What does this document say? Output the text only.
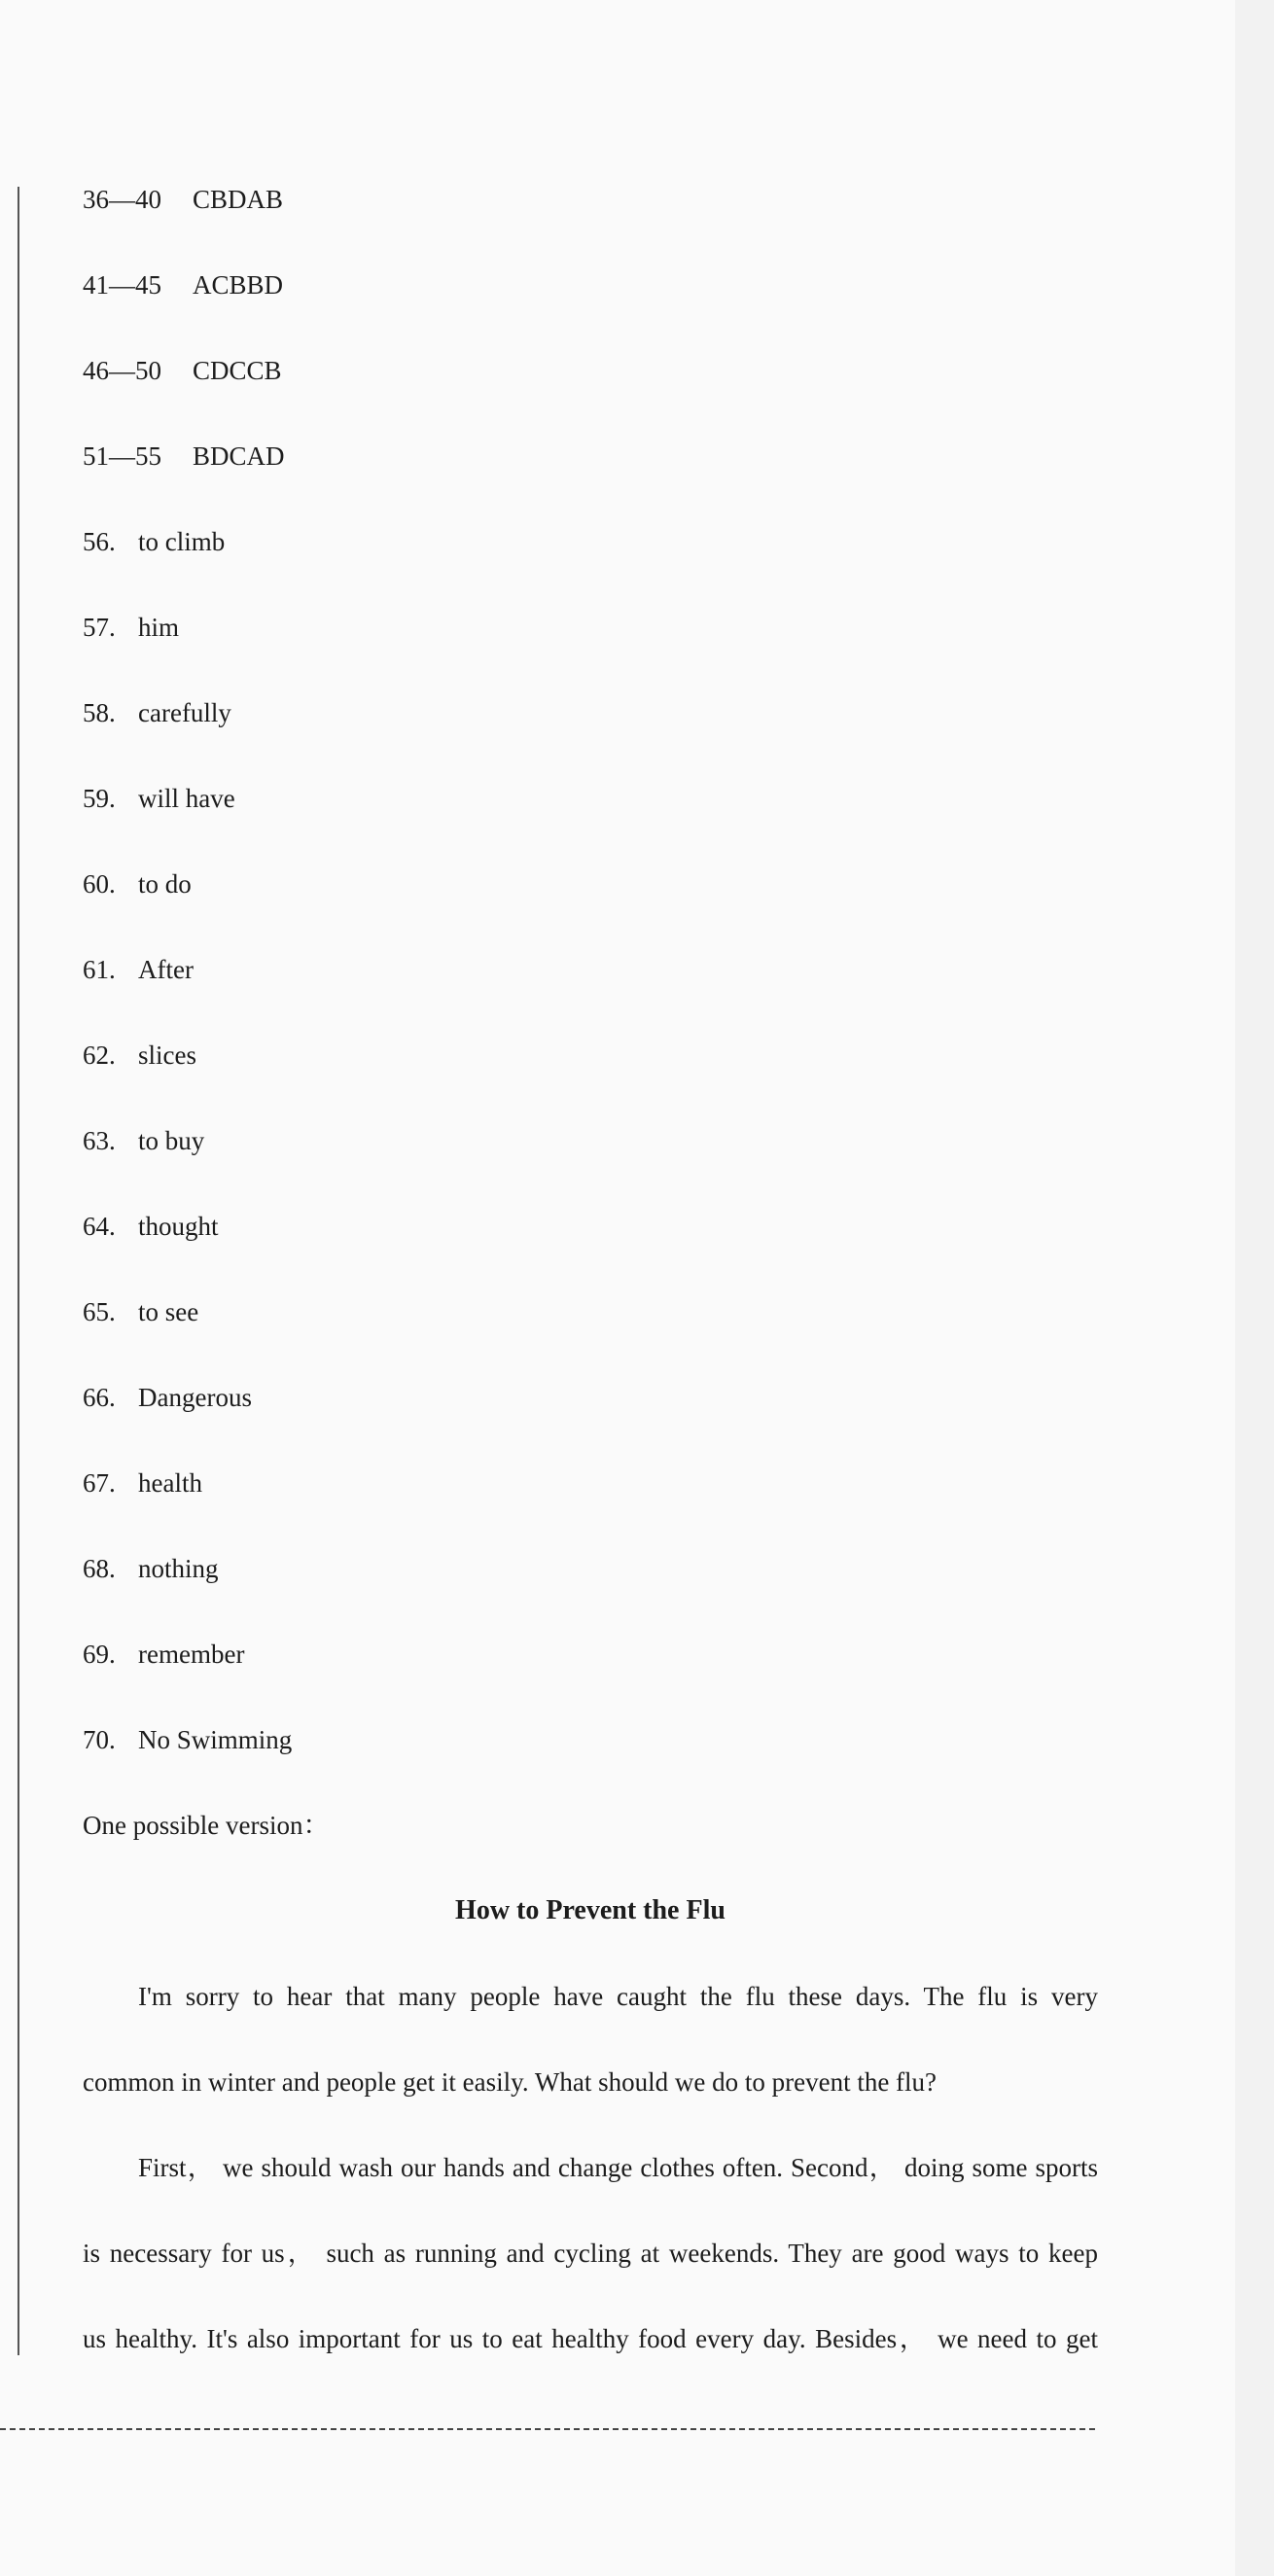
36—40 CBDAB
41—45 ACBBD
46—50 CDCCB
51—55 BDCAD
56. to climb
57. him
58. carefully
59. will have
60. to do
61. After
62. slices
63. to buy
64. thought
65. to see
66. Dangerous
67. health
68. nothing
69. remember
70. No Swimming
One possible version：
How to Prevent the Flu
I'm sorry to hear that many people have caught the flu these days. The flu is very
common in winter and people get it easily. What should we do to prevent the flu?
First， we should wash our hands and change clothes often. Second， doing some sports
is necessary for us， such as running and cycling at weekends. They are good ways to keep
us healthy. It's also important for us to eat healthy food every day. Besides， we need to get
